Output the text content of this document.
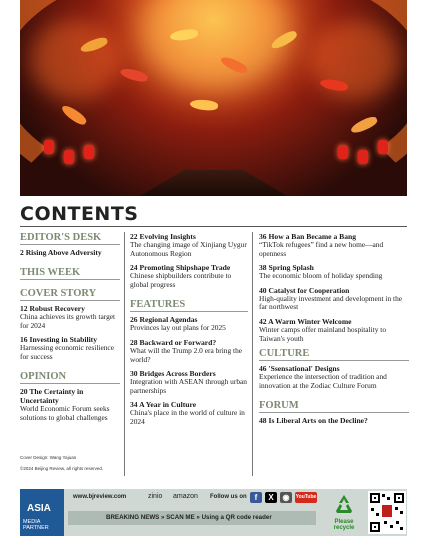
CONTENTS

EDITOR'S DESK

2 Rising Above Adversity

THIS WEEK

COVER STORY

12 Robust Recovery

China achieves its growth target for 2024

16 Investing in Stability

Harnessing economic resilience for success

OPINION

20 The Certainty in Uncertainty

World Economic Forum seeks solutions to global challenges

22 Evolving Insights

The changing image of Xinjiang Uygur Autonomous Region

24 Promoting Shipshape Trade

Chinese shipbuilders contribute to global progress

FEATURES

26 Regional Agendas

Provinces lay out plans for 2025

28 Backward or Forward?

What will the Trump 2.0 era bring the world?

30 Bridges Across Borders

Integration with ASEAN through urban partnerships

34 A Year in Culture

China's place in the world of culture in 2024

36 How a Ban Became a Bang

“TikTok refugees” find a new home—and openness

38 Spring Splash

The economic bloom of holiday spending

40 Catalyst for Cooperation

High-quality investment and development in the far northwest

42 A Warm Winter Welcome

Winter camps offer mainland hospitality to Taiwan's youth

CULTURE

46 'Ssensational' Designs

Experience the intersection of tradition and innovation at the Zodiac Culture Forum

FORUM

48 Is Liberal Arts on the Decline?

Cover Design: Wang Yajuan
©2024 Beijing Review, all rights reserved.
ASIA
MEDIA PARTNER
www.bjreview.com	zinio amazon Follow us on f	X	◉	YouTube
BREAKING NEWS » SCAN ME » Using a QR code reader
Please recycle
